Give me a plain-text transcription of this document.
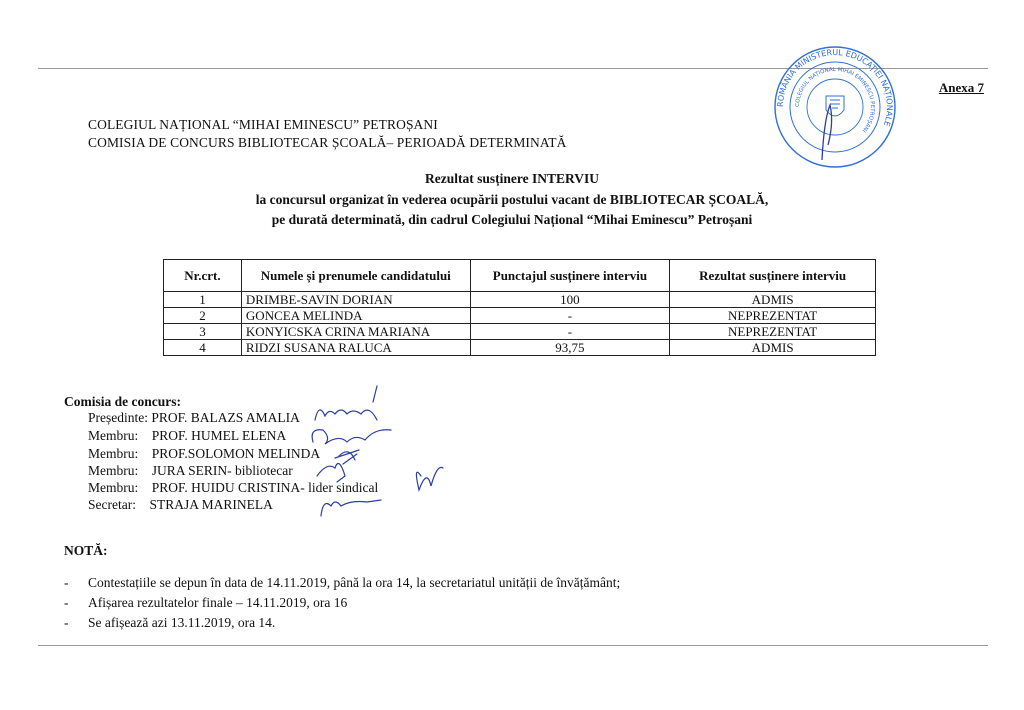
Anexa 7
COLEGIUL NAȚIONAL “MIHAI EMINESCU” PETROȘANI
COMISIA DE CONCURS BIBLIOTECAR ȘCOALĂ– PERIOADĂ DETERMINATĂ
ROMÂNIA MINISTERUL EDUCAȚIEI NAȚIONALE
COLEGIUL NAȚIONAL MIHAI EMINESCU PETROȘANI
Rezultat susținere INTERVIU
la concursul organizat în vederea ocupării postului vacant de BIBLIOTECAR ȘCOALĂ,
pe durată determinată, din cadrul Colegiului Național “Mihai Eminescu” Petroșani
Nr.crt.	Numele și prenumele candidatului	Punctajul susținere interviu	Rezultat susținere interviu
1	DRIMBE-SAVIN DORIAN	100	ADMIS
2	GONCEA MELINDA	-	NEPREZENTAT
3	KONYICSKA CRINA MARIANA	-	NEPREZENTAT
4	RIDZI SUSANA RALUCA	93,75	ADMIS
Comisia de concurs:
Președinte: PROF. BALAZS AMALIA
Membru:    PROF. HUMEL ELENA
Membru:    PROF.SOLOMON MELINDA
Membru:    JURA SERIN- bibliotecar
Membru:    PROF. HUIDU CRISTINA- lider sindical
Secretar:    STRAJA MARINELA
NOTĂ:
- Contestațiile se depun în data de 14.11.2019, până la ora 14, la secretariatul unității de învățământ;
- Afișarea rezultatelor finale – 14.11.2019, ora 16
- Se afișează azi 13.11.2019, ora 14.
